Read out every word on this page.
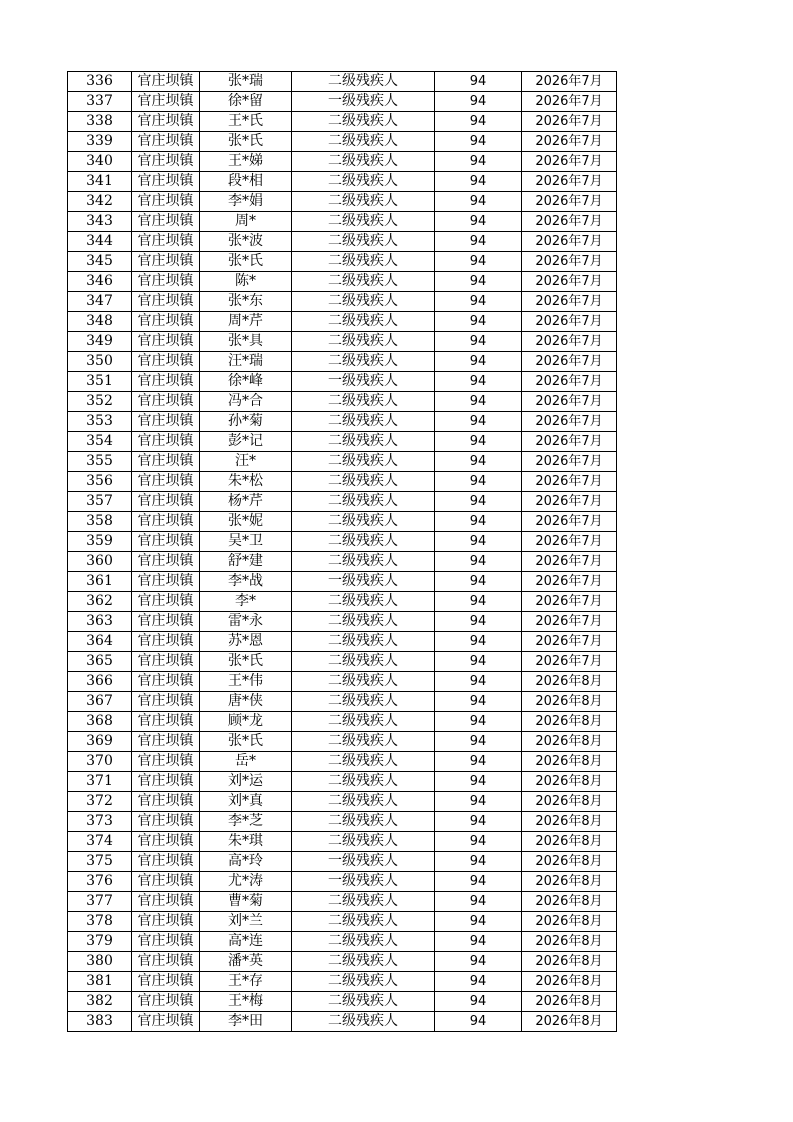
336	官庄坝镇	张*瑞	二级残疾人	94	2026年7月
337	官庄坝镇	徐*留	一级残疾人	94	2026年7月
338	官庄坝镇	王*氏	二级残疾人	94	2026年7月
339	官庄坝镇	张*氏	二级残疾人	94	2026年7月
340	官庄坝镇	王*娣	二级残疾人	94	2026年7月
341	官庄坝镇	段*相	二级残疾人	94	2026年7月
342	官庄坝镇	李*娟	二级残疾人	94	2026年7月
343	官庄坝镇	周*	二级残疾人	94	2026年7月
344	官庄坝镇	张*波	二级残疾人	94	2026年7月
345	官庄坝镇	张*氏	二级残疾人	94	2026年7月
346	官庄坝镇	陈*	二级残疾人	94	2026年7月
347	官庄坝镇	张*东	二级残疾人	94	2026年7月
348	官庄坝镇	周*芹	二级残疾人	94	2026年7月
349	官庄坝镇	张*具	二级残疾人	94	2026年7月
350	官庄坝镇	汪*瑞	二级残疾人	94	2026年7月
351	官庄坝镇	徐*峰	一级残疾人	94	2026年7月
352	官庄坝镇	冯*合	二级残疾人	94	2026年7月
353	官庄坝镇	孙*菊	二级残疾人	94	2026年7月
354	官庄坝镇	彭*记	二级残疾人	94	2026年7月
355	官庄坝镇	汪*	二级残疾人	94	2026年7月
356	官庄坝镇	朱*松	二级残疾人	94	2026年7月
357	官庄坝镇	杨*芹	二级残疾人	94	2026年7月
358	官庄坝镇	张*妮	二级残疾人	94	2026年7月
359	官庄坝镇	吴*卫	二级残疾人	94	2026年7月
360	官庄坝镇	舒*建	二级残疾人	94	2026年7月
361	官庄坝镇	李*战	一级残疾人	94	2026年7月
362	官庄坝镇	李*	二级残疾人	94	2026年7月
363	官庄坝镇	雷*永	二级残疾人	94	2026年7月
364	官庄坝镇	苏*恩	二级残疾人	94	2026年7月
365	官庄坝镇	张*氏	二级残疾人	94	2026年7月
366	官庄坝镇	王*伟	二级残疾人	94	2026年8月
367	官庄坝镇	唐*侠	二级残疾人	94	2026年8月
368	官庄坝镇	顾*龙	二级残疾人	94	2026年8月
369	官庄坝镇	张*氏	二级残疾人	94	2026年8月
370	官庄坝镇	岳*	二级残疾人	94	2026年8月
371	官庄坝镇	刘*运	二级残疾人	94	2026年8月
372	官庄坝镇	刘*真	二级残疾人	94	2026年8月
373	官庄坝镇	李*芝	二级残疾人	94	2026年8月
374	官庄坝镇	朱*琪	二级残疾人	94	2026年8月
375	官庄坝镇	高*玲	一级残疾人	94	2026年8月
376	官庄坝镇	尤*涛	一级残疾人	94	2026年8月
377	官庄坝镇	曹*菊	二级残疾人	94	2026年8月
378	官庄坝镇	刘*兰	二级残疾人	94	2026年8月
379	官庄坝镇	高*连	二级残疾人	94	2026年8月
380	官庄坝镇	潘*英	二级残疾人	94	2026年8月
381	官庄坝镇	王*存	二级残疾人	94	2026年8月
382	官庄坝镇	王*梅	二级残疾人	94	2026年8月
383	官庄坝镇	李*田	二级残疾人	94	2026年8月
